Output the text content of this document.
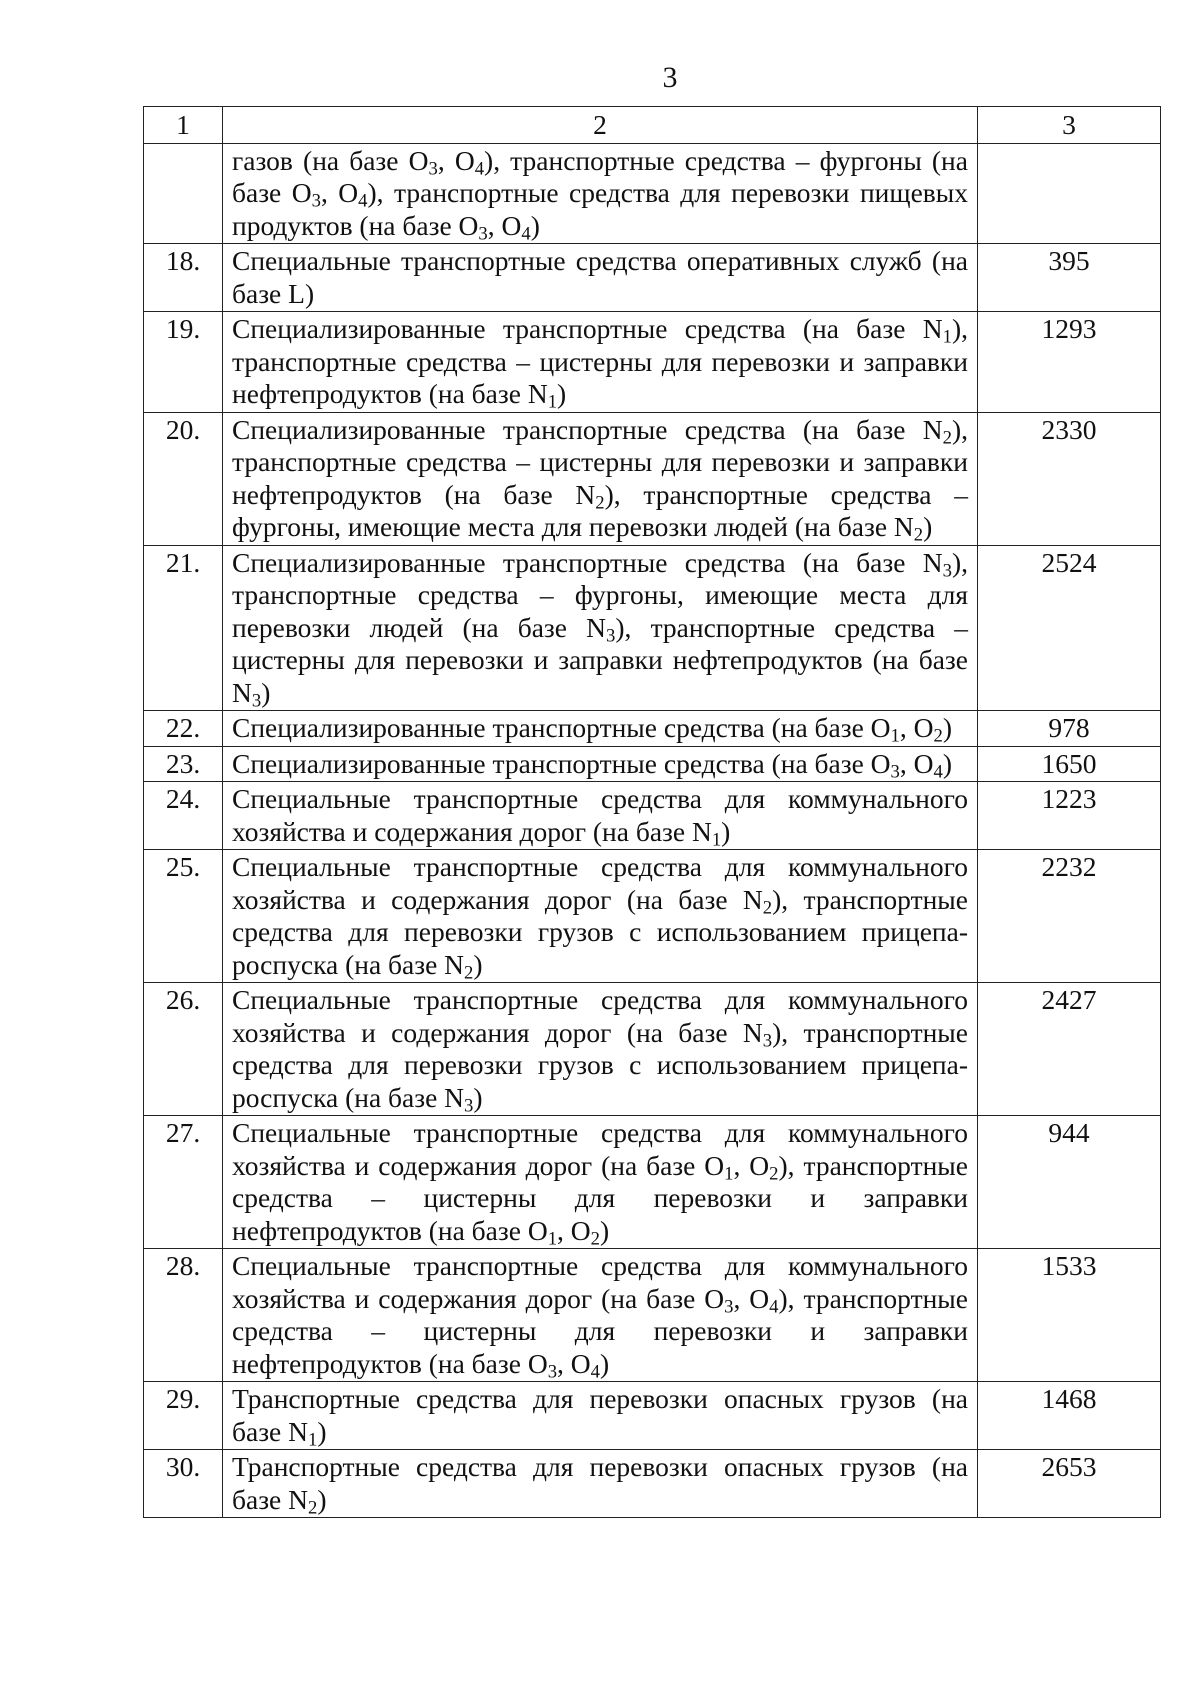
3
1	2	3
	газов (на базе $O_3$, $O_4$), транспортные средства – фургоны (на базе $O_3$, $O_4$), транспортные средства для перевозки пищевых продуктов (на базе $O_3$, $O_4$)	
18.	Специальные транспортные средства оперативных служб (на базе L)	395
19.	Специализированные транспортные средства (на базе $N_1$), транспортные средства – цистерны для перевозки и заправки нефтепродуктов (на базе $N_1$)	1293
20.	Специализированные транспортные средства (на базе $N_2$), транспортные средства – цистерны для перевозки и заправки нефтепродуктов (на базе $N_2$), транспортные средства – фургоны, имеющие места для перевозки людей (на базе $N_2$)	2330
21.	Специализированные транспортные средства (на базе $N_3$), транспортные средства – фургоны, имеющие места для перевозки людей (на базе $N_3$), транспортные средства – цистерны для перевозки и заправки нефтепродуктов (на базе $N_3$)	2524
22.	Специализированные транспортные средства (на базе $O_1$, $O_2$)	978
23.	Специализированные транспортные средства (на базе $O_3$, $O_4$)	1650
24.	Специальные транспортные средства для коммунального хозяйства и содержания дорог (на базе $N_1$)	1223
25.	Специальные транспортные средства для коммунального хозяйства и содержания дорог (на базе $N_2$), транспортные средства для перевозки грузов с использованием прицепа-роспуска (на базе $N_2$)	2232
26.	Специальные транспортные средства для коммунального хозяйства и содержания дорог (на базе $N_3$), транспортные средства для перевозки грузов с использованием прицепа-роспуска (на базе $N_3$)	2427
27.	Специальные транспортные средства для коммунального хозяйства и содержания дорог (на базе $O_1$, $O_2$), транспортные средства – цистерны для перевозки и заправки нефтепродуктов (на базе $O_1$, $O_2$)	944
28.	Специальные транспортные средства для коммунального хозяйства и содержания дорог (на базе $O_3$, $O_4$), транспортные средства – цистерны для перевозки и заправки нефтепродуктов (на базе $O_3$, $O_4$)	1533
29.	Транспортные средства для перевозки опасных грузов (на базе $N_1$)	1468
30.	Транспортные средства для перевозки опасных грузов (на базе $N_2$)	2653
